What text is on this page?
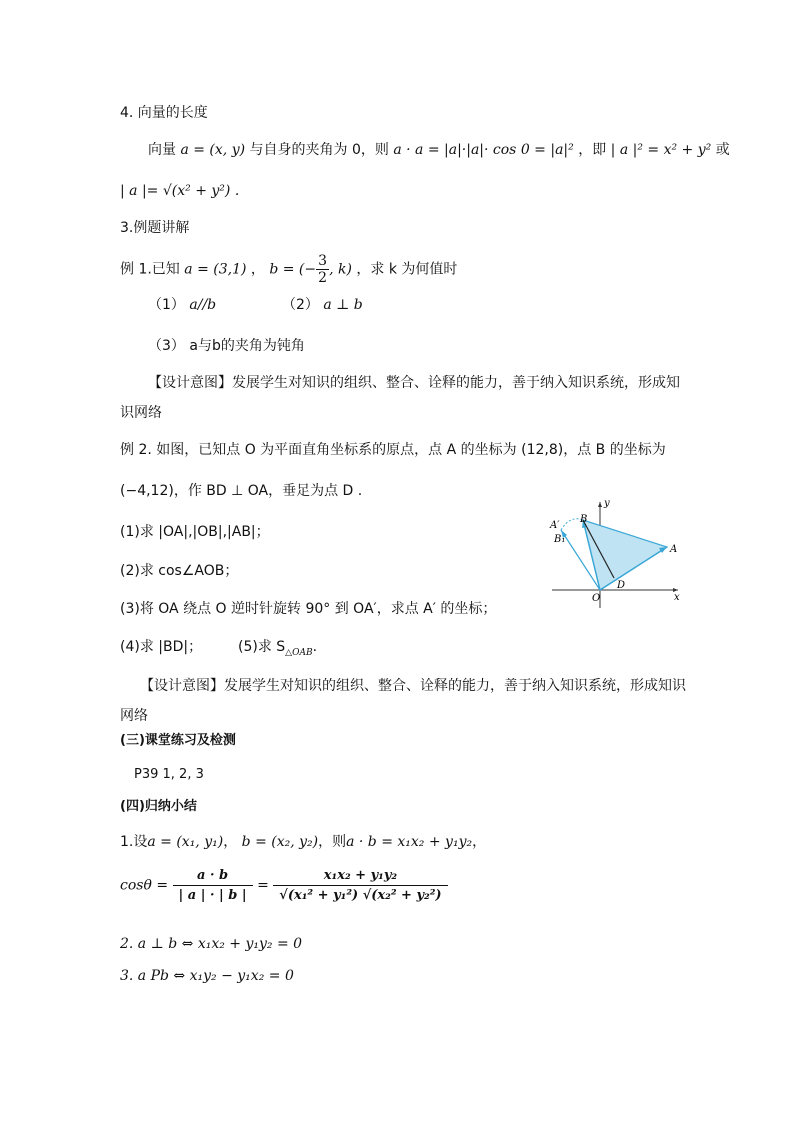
4. 向量的长度
向量 a = (x, y) 与自身的夹角为 0，则 a · a = |a|·|a|· cos 0 = |a|² ，即 | a |² = x² + y² 或
| a |= √(x² + y²) .
3.例题讲解
例 1.已知 a = (3,1) ， b = (− $\frac{3}{2}$ , k) ，求 k 为何值时
（1） a//b	（2） a ⊥ b
（3） a与b的夹角为钝角
【设计意图】发展学生对知识的组织、整合、诠释的能力，善于纳入知识系统，形成知
识网络
例 2. 如图，已知点 O 为平面直角坐标系的原点，点 A 的坐标为 (12,8)，点 B 的坐标为
(−4,12)，作 BD ⊥ OA，垂足为点 D .
(1)求 |OA|,|OB|,|AB|；
(2)求 cos∠AOB；
(3)将 OA 绕点 O 逆时针旋转 90° 到 OA′，求点 A′ 的坐标；
(4)求 |BD|；	(5)求 $S_{\triangle OAB}$.
y
x
O
D
A
B
A′
B₁
【设计意图】发展学生对知识的组织、整合、诠释的能力，善于纳入知识系统，形成知识
网络
(三)课堂练习及检测
P39 1, 2, 3
(四)归纳小结
1.设a = (x₁, y₁)， b = (x₂, y₂)，则a · b = x₁x₂ + y₁y₂，
$\cos\theta = \frac{a \cdot b}{| a | \cdot | b |} = \frac{\text{x₁x₂ + y₁y₂}}{\text{√(x₁² + y₁²) √(x₂² + y₂²)}}$
2. a ⊥ b ⇔ x₁x₂ + y₁y₂ = 0
3. a Pb ⇔ x₁y₂ − y₁x₂ = 0
